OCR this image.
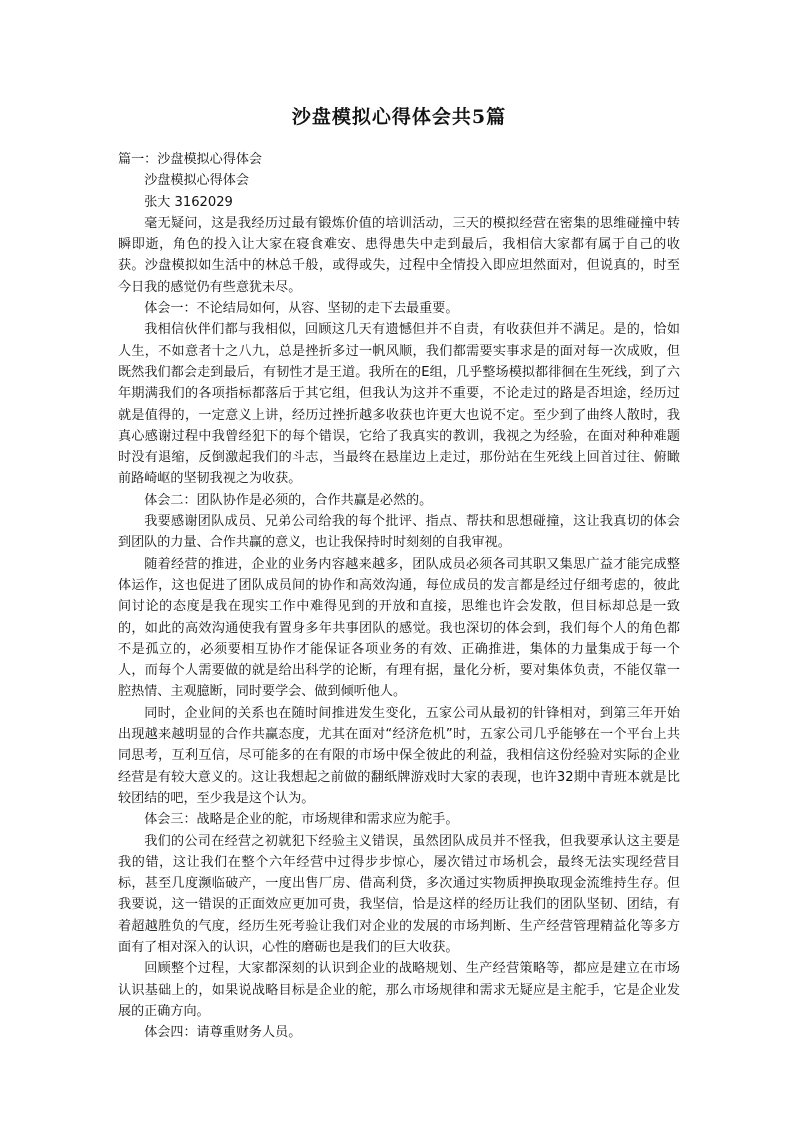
沙盘模拟心得体会共5篇

篇一：沙盘模拟心得体会

沙盘模拟心得体会

张大 3162029

毫无疑问，这是我经历过最有锻炼价值的培训活动，三天的模拟经营在密集的思维碰撞中转瞬即逝，角色的投入让大家在寝食难安、患得患失中走到最后，我相信大家都有属于自己的收获。沙盘模拟如生活中的林总千般，或得或失，过程中全情投入即应坦然面对，但说真的，时至今日我的感觉仍有些意犹未尽。

体会一：不论结局如何，从容、坚韧的走下去最重要。

我相信伙伴们都与我相似，回顾这几天有遗憾但并不自责，有收获但并不满足。是的，恰如人生，不如意者十之八九，总是挫折多过一帆风顺，我们都需要实事求是的面对每一次成败，但既然我们都会走到最后，有韧性才是王道。我所在的E组，几乎整场模拟都徘徊在生死线，到了六年期满我们的各项指标都落后于其它组，但我认为这并不重要，不论走过的路是否坦途，经历过就是值得的，一定意义上讲，经历过挫折越多收获也许更大也说不定。至少到了曲终人散时，我真心感谢过程中我曾经犯下的每个错误，它给了我真实的教训，我视之为经验，在面对种种难题时没有退缩，反倒激起我们的斗志，当最终在悬崖边上走过，那份站在生死线上回首过往、俯瞰前路崎岖的坚韧我视之为收获。

体会二：团队协作是必须的，合作共赢是必然的。

我要感谢团队成员、兄弟公司给我的每个批评、指点、帮扶和思想碰撞，这让我真切的体会到团队的力量、合作共赢的意义，也让我保持时时刻刻的自我审视。

随着经营的推进，企业的业务内容越来越多，团队成员必须各司其职又集思广益才能完成整体运作，这也促进了团队成员间的协作和高效沟通，每位成员的发言都是经过仔细考虑的，彼此间讨论的态度是我在现实工作中难得见到的开放和直接，思维也许会发散，但目标却总是一致的，如此的高效沟通使我有置身多年共事团队的感觉。我也深切的体会到，我们每个人的角色都不是孤立的，必须要相互协作才能保证各项业务的有效、正确推进，集体的力量集成于每一个人，而每个人需要做的就是给出科学的论断，有理有据，量化分析，要对集体负责，不能仅靠一腔热情、主观臆断，同时要学会、做到倾听他人。

同时，企业间的关系也在随时间推进发生变化，五家公司从最初的针锋相对，到第三年开始出现越来越明显的合作共赢态度，尤其在面对“经济危机”时，五家公司几乎能够在一个平台上共同思考，互利互信，尽可能多的在有限的市场中保全彼此的利益，我相信这份经验对实际的企业经营是有较大意义的。这让我想起之前做的翻纸牌游戏时大家的表现，也许32期中青班本就是比较团结的吧，至少我是这个认为。

体会三：战略是企业的舵，市场规律和需求应为舵手。

我们的公司在经营之初就犯下经验主义错误，虽然团队成员并不怪我，但我要承认这主要是我的错，这让我们在整个六年经营中过得步步惊心，屡次错过市场机会，最终无法实现经营目标，甚至几度濒临破产，一度出售厂房、借高利贷，多次通过实物质押换取现金流维持生存。但我要说，这一错误的正面效应更加可贵，我坚信，恰是这样的经历让我们的团队坚韧、团结，有着超越胜负的气度，经历生死考验让我们对企业的发展的市场判断、生产经营管理精益化等多方面有了相对深入的认识，心性的磨砺也是我们的巨大收获。

回顾整个过程，大家都深刻的认识到企业的战略规划、生产经营策略等，都应是建立在市场认识基础上的，如果说战略目标是企业的舵，那么市场规律和需求无疑应是主舵手，它是企业发展的正确方向。

体会四：请尊重财务人员。
